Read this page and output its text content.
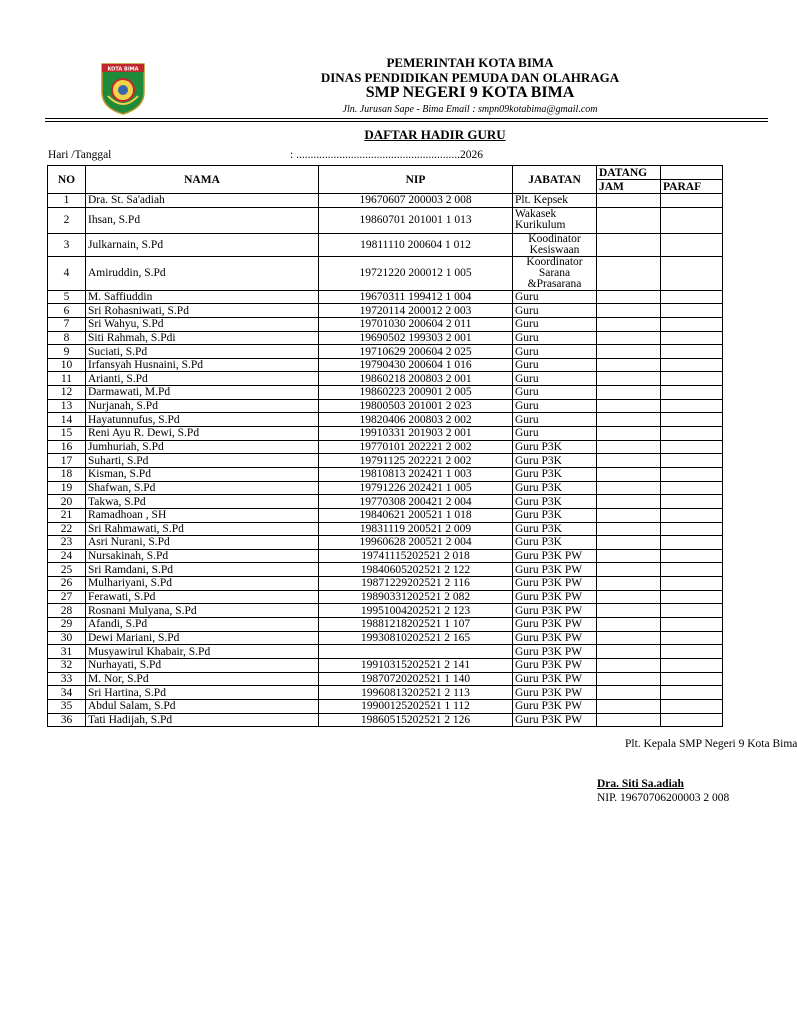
KOTA BIMA	PEMERINTAH KOTA BIMA
DINAS PENDIDIKAN PEMUDA DAN OLAHRAGA
SMP NEGERI 9 KOTA BIMA
Jln. Jurusan Sape - Bima Email : smpn09kotabima@gmail.com
DAFTAR HADIR GURU
Hari /Tanggal	: .........................................................2026
NO	NAMA	NIP	JABATAN	DATANG	
				JAM	PARAF
1	Dra. St. Sa'adiah	19670607 200003 2 008	Plt. Kepsek		
2	Ihsan, S.Pd	19860701 201001 1 013	Wakasek Kurikulum		
3	Julkarnain, S.Pd	19811110 200604 1 012	Koodinator Kesiswaan		
4	Amiruddin, S.Pd	19721220 200012 1 005	Koordinator Sarana &Prasarana		
5	M. Saffiuddin	19670311 199412 1 004	Guru		
6	Sri Rohasniwati, S.Pd	19720114 200012 2 003	Guru		
7	Sri Wahyu, S.Pd	19701030 200604 2 011	Guru		
8	Siti Rahmah, S.Pdi	19690502 199303 2 001	Guru		
9	Suciati, S.Pd	19710629 200604 2 025	Guru		
10	Irfansyah Husnaini, S.Pd	19790430 200604 1 016	Guru		
11	Arianti, S.Pd	19860218 200803 2 001	Guru		
12	Darmawati, M.Pd	19860223 200901 2 005	Guru		
13	Nurjanah, S.Pd	19800503 201001 2 023	Guru		
14	Hayatunnufus, S.Pd	19820406 200803 2 002	Guru		
15	Reni Ayu R. Dewi, S.Pd	19910331 201903 2 001	Guru		
16	Jumhuriah, S.Pd	19770101 202221 2 002	Guru P3K		
17	Suharti, S.Pd	19791125 202221 2 002	Guru P3K		
18	Kisman, S.Pd	19810813 202421 1 003	Guru P3K		
19	Shafwan, S.Pd	19791226 202421 1 005	Guru P3K		
20	Takwa, S.Pd	19770308 200421 2 004	Guru P3K		
21	Ramadhoan , SH	19840621 200521 1 018	Guru P3K		
22	Sri Rahmawati, S.Pd	19831119 200521 2 009	Guru P3K		
23	Asri Nurani, S.Pd	19960628 200521 2 004	Guru P3K		
24	Nursakinah, S.Pd	19741115202521 2 018	Guru P3K PW		
25	Sri Ramdani, S.Pd	19840605202521 2 122	Guru P3K PW		
26	Mulhariyani, S.Pd	19871229202521 2 116	Guru P3K PW		
27	Ferawati, S.Pd	19890331202521 2 082	Guru P3K PW		
28	Rosnani Mulyana, S.Pd	19951004202521 2 123	Guru P3K PW		
29	Afandi, S.Pd	19881218202521 1 107	Guru P3K PW		
30	Dewi Mariani, S.Pd	19930810202521 2 165	Guru P3K PW		
31	Musyawirul Khabair, S.Pd		Guru P3K PW		
32	Nurhayati, S.Pd	19910315202521 2 141	Guru P3K PW		
33	M. Nor, S.Pd	19870720202521 1 140	Guru P3K PW		
34	Sri Hartina, S.Pd	19960813202521 2 113	Guru P3K PW		
35	Abdul Salam, S.Pd	19900125202521 1 112	Guru P3K PW		
36	Tati Hadijah, S.Pd	19860515202521 2 126	Guru P3K PW		
Plt. Kepala SMP Negeri 9 Kota Bima
Dra. Siti Sa.adiah
NIP. 19670706200003 2 008
